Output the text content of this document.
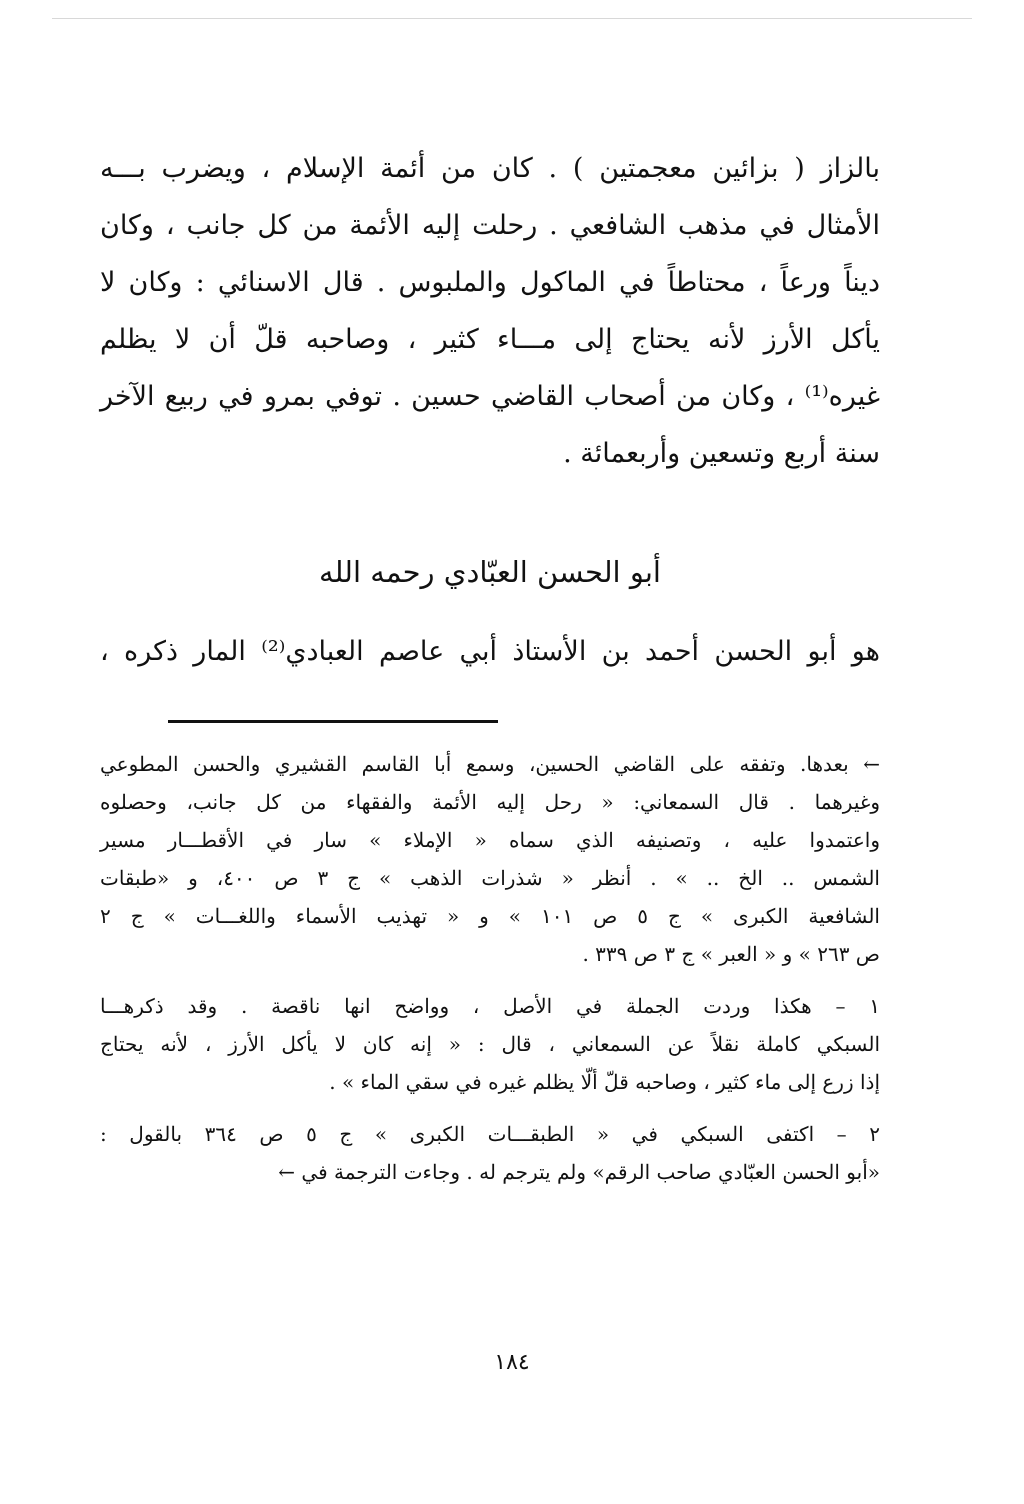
بالزاز ( بزائين معجمتين ) . كان من أئمة الإسلام ، ويضرب بـــه
الأمثال في مذهب الشافعي . رحلت إليه الأئمة من كل جانب ، وكان
ديناً ورعاً ، محتاطاً في الماكول والملبوس . قال الاسنائي : وكان لا
يأكل الأرز لأنه يحتاج إلى مـــاء كثير ، وصاحبه قلّ أن لا يظلم
غيره⁽¹⁾ ، وكان من أصحاب القاضي حسين . توفي بمرو في ربيع الآخر
سنة أربع وتسعين وأربعمائة .
أبو الحسن العبّادي رحمه الله
هو أبو الحسن أحمد بن الأستاذ أبي عاصم العبادي⁽²⁾ المار ذكره ،
← بعدها. وتفقه على القاضي الحسين، وسمع أبا القاسم القشيري والحسن المطوعي
وغيرهما . قال السمعاني: « رحل إليه الأئمة والفقهاء من كل جانب، وحصلوه
واعتمدوا عليه ، وتصنيفه الذي سماه « الإملاء » سار في الأقطـــار مسير
الشمس .. الخ .. » . أنظر « شذرات الذهب » ج ٣ ص ٤٠٠، و «طبقات
الشافعية الكبرى » ج ٥ ص ١٠١ » و « تهذيب الأسماء واللغـــات » ج ٢
ص ٢٦٣ » و « العبر » ج ٣ ص ٣٣٩ .
١ – هكذا وردت الجملة في الأصل ، وواضح انها ناقصة . وقد ذكرهـــا
السبكي كاملة نقلاً عن السمعاني ، قال : « إنه كان لا يأكل الأرز ، لأنه يحتاج
إذا زرع إلى ماء كثير ، وصاحبه قلّ ألّا يظلم غيره في سقي الماء » .
٢ – اكتفى السبكي في « الطبقـــات الكبرى » ج ٥ ص ٣٦٤ بالقول :
«أبو الحسن العبّادي صاحب الرقم» ولم يترجم له . وجاءت الترجمة في ←
١٨٤
